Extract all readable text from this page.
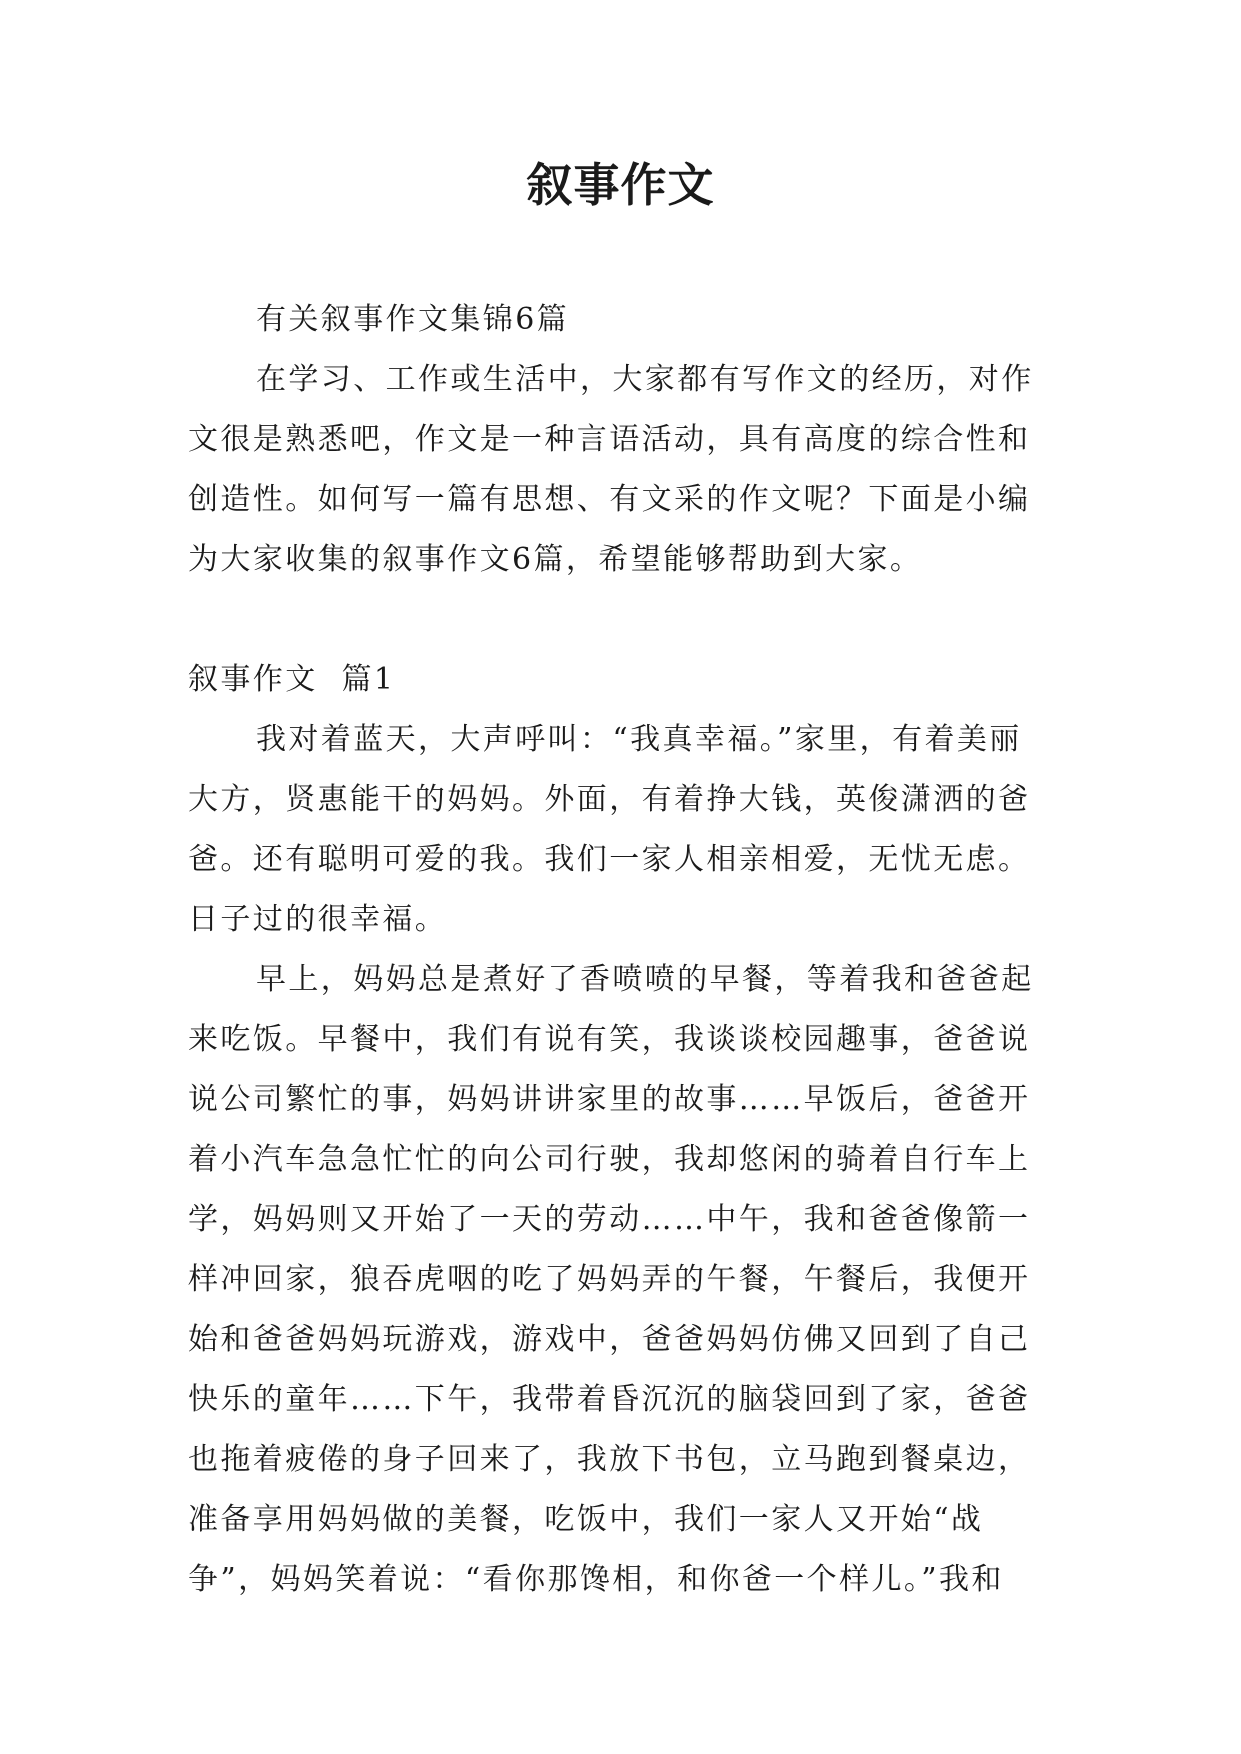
叙事作文
有关叙事作文集锦6篇
在学习、工作或生活中，大家都有写作文的经历，对作
文很是熟悉吧，作文是一种言语活动，具有高度的综合性和
创造性。如何写一篇有思想、有文采的作文呢？下面是小编
为大家收集的叙事作文6篇，希望能够帮助到大家。
叙事作文  篇1
我对着蓝天，大声呼叫：“我真幸福。”家里，有着美丽
大方，贤惠能干的妈妈。外面，有着挣大钱，英俊潇洒的爸
爸。还有聪明可爱的我。我们一家人相亲相爱，无忧无虑。
日子过的很幸福。
早上，妈妈总是煮好了香喷喷的早餐，等着我和爸爸起
来吃饭。早餐中，我们有说有笑，我谈谈校园趣事，爸爸说
说公司繁忙的事，妈妈讲讲家里的故事……早饭后，爸爸开
着小汽车急急忙忙的向公司行驶，我却悠闲的骑着自行车上
学，妈妈则又开始了一天的劳动……中午，我和爸爸像箭一
样冲回家，狼吞虎咽的吃了妈妈弄的午餐，午餐后，我便开
始和爸爸妈妈玩游戏，游戏中，爸爸妈妈仿佛又回到了自己
快乐的童年……下午，我带着昏沉沉的脑袋回到了家，爸爸
也拖着疲倦的身子回来了，我放下书包，立马跑到餐桌边，
准备享用妈妈做的美餐，吃饭中，我们一家人又开始“战
争”，妈妈笑着说：“看你那馋相，和你爸一个样儿。”我和
